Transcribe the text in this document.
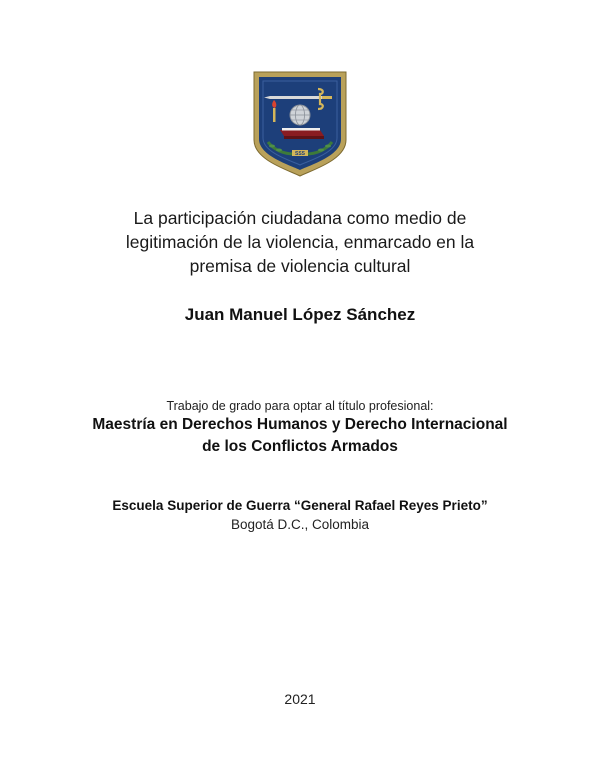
SSS
La participación ciudadana como medio de
legitimación de la violencia, enmarcado en la
premisa de violencia cultural
Juan Manuel López Sánchez
Trabajo de grado para optar al título profesional:
Maestría en Derechos Humanos y Derecho Internacional
de los Conflictos Armados
Escuela Superior de Guerra “General Rafael Reyes Prieto”
Bogotá D.C., Colombia
2021
